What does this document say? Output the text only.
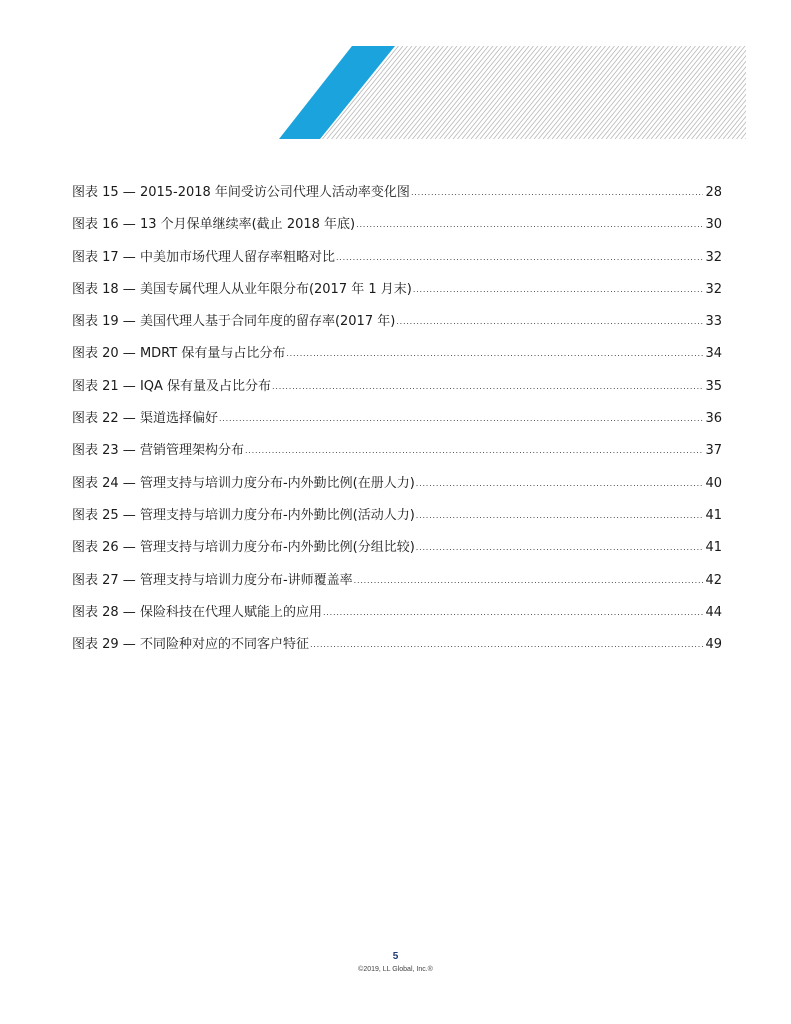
图表 15 — 2015-2018 年间受访公司代理人活动率变化图 .....	28
图表 16 — 13 个月保单继续率(截止 2018 年底) .....	30
图表 17 — 中美加市场代理人留存率粗略对比 .....	32
图表 18 — 美国专属代理人从业年限分布(2017 年 1 月末) .....	32
图表 19 — 美国代理人基于合同年度的留存率(2017 年) .....	33
图表 20 — MDRT 保有量与占比分布 .....	34
图表 21 — IQA 保有量及占比分布 .....	35
图表 22 — 渠道选择偏好 .....	36
图表 23 — 营销管理架构分布 .....	37
图表 24 — 管理支持与培训力度分布-内外勤比例(在册人力) .....	40
图表 25 — 管理支持与培训力度分布-内外勤比例(活动人力) .....	41
图表 26 — 管理支持与培训力度分布-内外勤比例(分组比较) .....	41
图表 27 — 管理支持与培训力度分布-讲师覆盖率 .....	42
图表 28 — 保险科技在代理人赋能上的应用 .....	44
图表 29 — 不同险种对应的不同客户特征 .....	49
5
©2019, LL Global, Inc.®
